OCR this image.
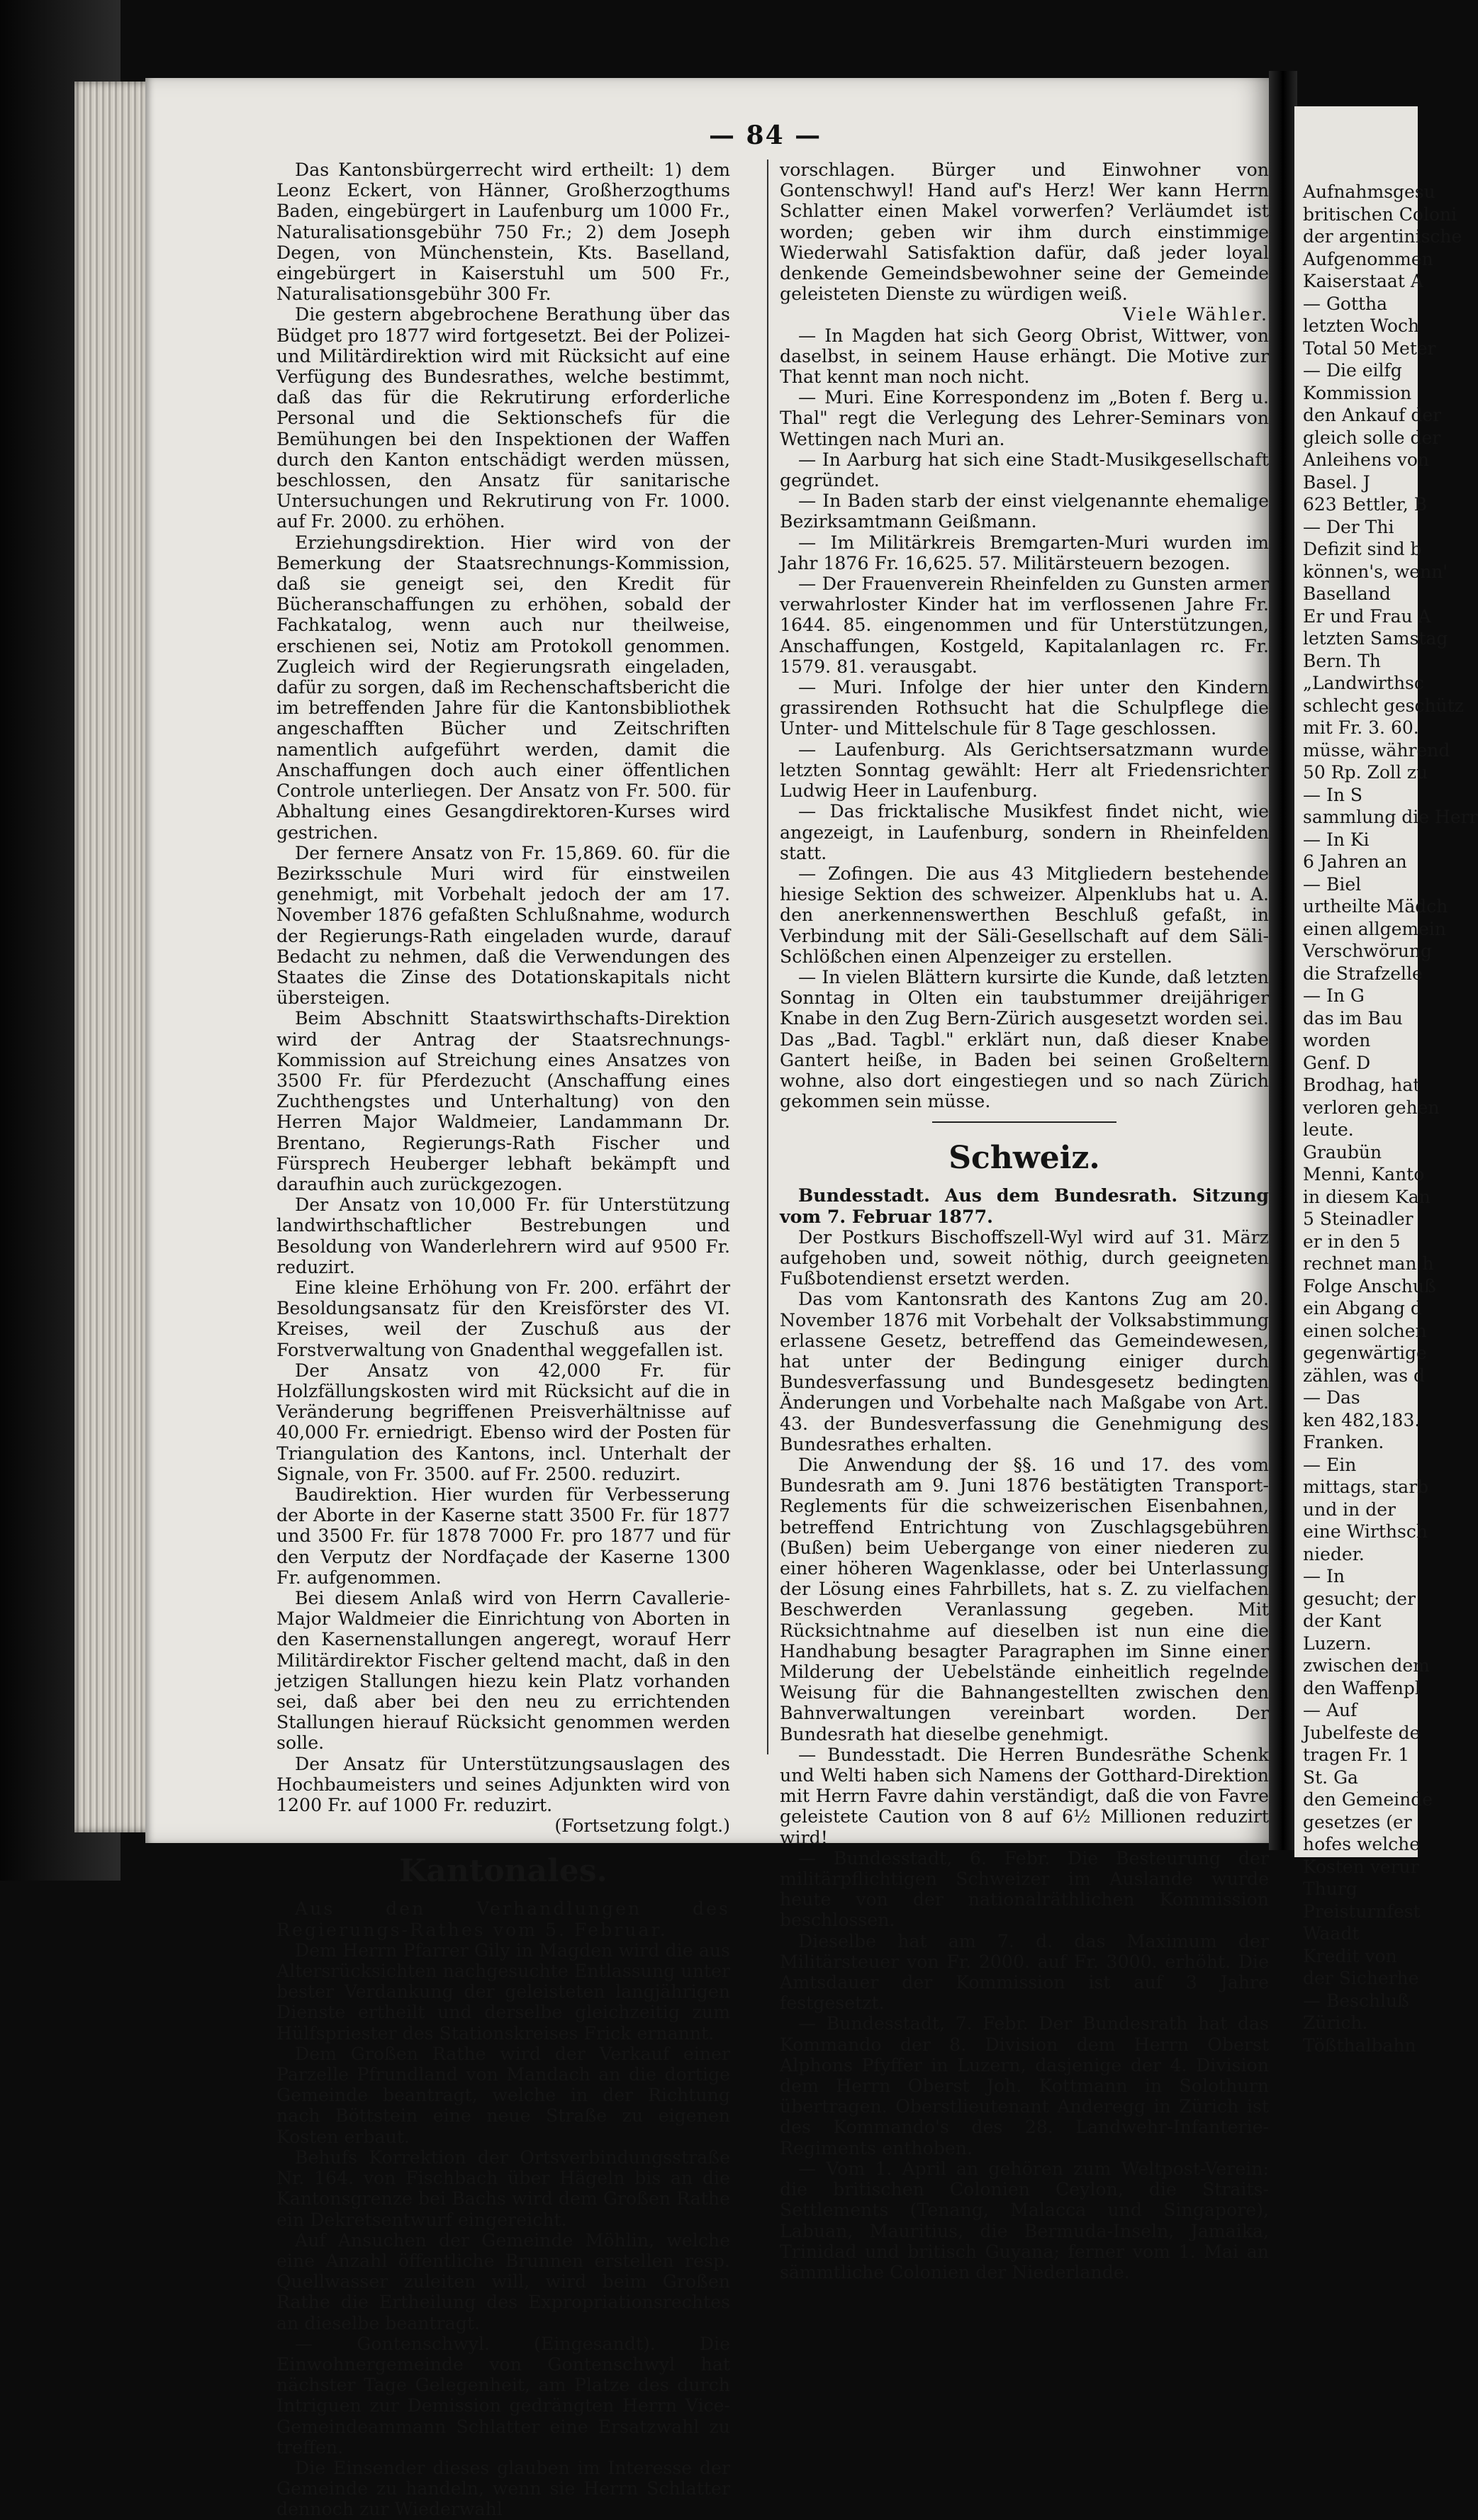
— 84 —

Das Kantonsbürgerrecht wird ertheilt: 1) dem Leonz Eckert, von Hänner, Großherzogthums Baden, eingebürgert in Laufenburg um 1000 Fr., Naturalisationsgebühr 750 Fr.; 2) dem Joseph Degen, von Münchenstein, Kts. Baselland, eingebürgert in Kaiserstuhl um 500 Fr., Naturalisationsgebühr 300 Fr.

Die gestern abgebrochene Berathung über das Büdget pro 1877 wird fortgesetzt. Bei der Polizei- und Militärdirektion wird mit Rücksicht auf eine Verfügung des Bundesrathes, welche bestimmt, daß das für die Rekrutirung erforderliche Personal und die Sektionschefs für die Bemühungen bei den Inspektionen der Waffen durch den Kanton entschädigt werden müssen, beschlossen, den Ansatz für sanitarische Untersuchungen und Rekrutirung von Fr. 1000. auf Fr. 2000. zu erhöhen.

Erziehungsdirektion. Hier wird von der Bemerkung der Staatsrechnungs-Kommission, daß sie geneigt sei, den Kredit für Bücheranschaffungen zu erhöhen, sobald der Fachkatalog, wenn auch nur theilweise, erschienen sei, Notiz am Protokoll genommen. Zugleich wird der Regierungsrath eingeladen, dafür zu sorgen, daß im Rechenschaftsbericht die im betreffenden Jahre für die Kantonsbibliothek angeschafften Bücher und Zeitschriften namentlich aufgeführt werden, damit die Anschaffungen doch auch einer öffentlichen Controle unterliegen. Der Ansatz von Fr. 500. für Abhaltung eines Gesangdirektoren-Kurses wird gestrichen.

Der fernere Ansatz von Fr. 15,869. 60. für die Bezirksschule Muri wird für einstweilen genehmigt, mit Vorbehalt jedoch der am 17. November 1876 gefaßten Schlußnahme, wodurch der Regierungs-Rath eingeladen wurde, darauf Bedacht zu nehmen, daß die Verwendungen des Staates die Zinse des Dotationskapitals nicht übersteigen.

Beim Abschnitt Staatswirthschafts-Direktion wird der Antrag der Staatsrechnungs-Kommission auf Streichung eines Ansatzes von 3500 Fr. für Pferdezucht (Anschaffung eines Zuchthengstes und Unterhaltung) von den Herren Major Waldmeier, Landammann Dr. Brentano, Regierungs-Rath Fischer und Fürsprech Heuberger lebhaft bekämpft und daraufhin auch zurückgezogen.

Der Ansatz von 10,000 Fr. für Unterstützung landwirthschaftlicher Bestrebungen und Besoldung von Wanderlehrern wird auf 9500 Fr. reduzirt.

Eine kleine Erhöhung von Fr. 200. erfährt der Besoldungsansatz für den Kreisförster des VI. Kreises, weil der Zuschuß aus der Forstverwaltung von Gnadenthal weggefallen ist.

Der Ansatz von 42,000 Fr. für Holzfällungskosten wird mit Rücksicht auf die in Veränderung begriffenen Preisverhältnisse auf 40,000 Fr. erniedrigt. Ebenso wird der Posten für Triangulation des Kantons, incl. Unterhalt der Signale, von Fr. 3500. auf Fr. 2500. reduzirt.

Baudirektion. Hier wurden für Verbesserung der Aborte in der Kaserne statt 3500 Fr. für 1877 und 3500 Fr. für 1878 7000 Fr. pro 1877 und für den Verputz der Nordfaçade der Kaserne 1300 Fr. aufgenommen.

Bei diesem Anlaß wird von Herrn Cavallerie-Major Waldmeier die Einrichtung von Aborten in den Kasernenstallungen angeregt, worauf Herr Militärdirektor Fischer geltend macht, daß in den jetzigen Stallungen hiezu kein Platz vorhanden sei, daß aber bei den neu zu errichtenden Stallungen hierauf Rücksicht genommen werden solle.

Der Ansatz für Unterstützungsauslagen des Hochbaumeisters und seines Adjunkten wird von 1200 Fr. auf 1000 Fr. reduzirt.

(Fortsetzung folgt.)

Kantonales.

Aus den Verhandlungen des Regierungs-Rathes vom 5. Februar.

Dem Herrn Pfarrer Gily in Magden wird die aus Altersrücksichten nachgesuchte Entlassung unter bester Verdankung der geleisteten langjährigen Dienste ertheilt und derselbe gleichzeitig zum Hülfspriester des Stationskreises Frick ernannt.

Dem Großen Rathe wird der Verkauf einer Parzelle Pfrundland von Mandach an die dortige Gemeinde beantragt, welche in der Richtung nach Böttstein eine neue Straße zu eigenen Kosten erbaut.

Behufs Korrektion der Ortsverbindungsstraße Nr. 164. von Fischbach über Hägeln bis an die Kantonsgrenze bei Bachs wird dem Großen Rathe ein Dekretsentwurf eingereicht.

Auf Ansuchen der Gemeinde Möhlin, welche eine Anzahl öffentliche Brunnen erstellen resp. Quellwasser zuleiten will, wird beim Großen Rathe die Ertheilung des Expropriationsrechtes an dieselbe beantragt.

— Gontenschwyl. (Eingesandt). Die Einwohnergemeinde von Gontenschwyl hat nächster Tage Gelegenheit, am Platze des durch Intriguen zur Demission gedrängten Herrn Vice-Gemeindeammann Schlatter eine Ersatzwahl zu treffen.

Die Einsender dieses glauben im Interesse der Gemeinde zu handeln, wenn sie Herrn Schlatter dennoch zur Wiederwahl

vorschlagen. Bürger und Einwohner von Gontenschwyl! Hand auf's Herz! Wer kann Herrn Schlatter einen Makel vorwerfen? Verläumdet ist worden; geben wir ihm durch einstimmige Wiederwahl Satisfaktion dafür, daß jeder loyal denkende Gemeindsbewohner seine der Gemeinde geleisteten Dienste zu würdigen weiß.

Viele Wähler.

— In Magden hat sich Georg Obrist, Wittwer, von daselbst, in seinem Hause erhängt. Die Motive zur That kennt man noch nicht.

— Muri. Eine Korrespondenz im „Boten f. Berg u. Thal" regt die Verlegung des Lehrer-Seminars von Wettingen nach Muri an.

— In Aarburg hat sich eine Stadt-Musikgesellschaft gegründet.

— In Baden starb der einst vielgenannte ehemalige Bezirksamtmann Geißmann.

— Im Militärkreis Bremgarten-Muri wurden im Jahr 1876 Fr. 16,625. 57. Militärsteuern bezogen.

— Der Frauenverein Rheinfelden zu Gunsten armer verwahrloster Kinder hat im verflossenen Jahre Fr. 1644. 85. eingenommen und für Unterstützungen, Anschaffungen, Kostgeld, Kapitalanlagen rc. Fr. 1579. 81. verausgabt.

— Muri. Infolge der hier unter den Kindern grassirenden Rothsucht hat die Schulpflege die Unter- und Mittelschule für 8 Tage geschlossen.

— Laufenburg. Als Gerichtsersatzmann wurde letzten Sonntag gewählt: Herr alt Friedensrichter Ludwig Heer in Laufenburg.

— Das fricktalische Musikfest findet nicht, wie angezeigt, in Laufenburg, sondern in Rheinfelden statt.

— Zofingen. Die aus 43 Mitgliedern bestehende hiesige Sektion des schweizer. Alpenklubs hat u. A. den anerkennenswerthen Beschluß gefaßt, in Verbindung mit der Säli-Gesellschaft auf dem Säli-Schlößchen einen Alpenzeiger zu erstellen.

— In vielen Blättern kursirte die Kunde, daß letzten Sonntag in Olten ein taubstummer dreijähriger Knabe in den Zug Bern-Zürich ausgesetzt worden sei. Das „Bad. Tagbl." erklärt nun, daß dieser Knabe Gantert heiße, in Baden bei seinen Großeltern wohne, also dort eingestiegen und so nach Zürich gekommen sein müsse.

Schweiz.

Bundesstadt. Aus dem Bundesrath. Sitzung vom 7. Februar 1877.

Der Postkurs Bischoffszell-Wyl wird auf 31. März aufgehoben und, soweit nöthig, durch geeigneten Fußbotendienst ersetzt werden.

Das vom Kantonsrath des Kantons Zug am 20. November 1876 mit Vorbehalt der Volksabstimmung erlassene Gesetz, betreffend das Gemeindewesen, hat unter der Bedingung einiger durch Bundesverfassung und Bundesgesetz bedingten Änderungen und Vorbehalte nach Maßgabe von Art. 43. der Bundesverfassung die Genehmigung des Bundesrathes erhalten.

Die Anwendung der §§. 16 und 17. des vom Bundesrath am 9. Juni 1876 bestätigten Transport-Reglements für die schweizerischen Eisenbahnen, betreffend Entrichtung von Zuschlagsgebühren (Bußen) beim Uebergange von einer niederen zu einer höheren Wagenklasse, oder bei Unterlassung der Lösung eines Fahrbillets, hat s. Z. zu vielfachen Beschwerden Veranlassung gegeben. Mit Rücksichtnahme auf dieselben ist nun eine die Handhabung besagter Paragraphen im Sinne einer Milderung der Uebelstände einheitlich regelnde Weisung für die Bahnangestellten zwischen den Bahnverwaltungen vereinbart worden. Der Bundesrath hat dieselbe genehmigt.

— Bundesstadt. Die Herren Bundesräthe Schenk und Welti haben sich Namens der Gotthard-Direktion mit Herrn Favre dahin verständigt, daß die von Favre geleistete Caution von 8 auf 6½ Millionen reduzirt wird!

— Bundesstadt, 6. Febr. Die Besteurung der militärpflichtigen Schweizer im Auslande wurde heute von der nationalräthlichen Kommission beschlossen.

Dieselbe hat am 7. d. das Maximum der Militärsteuer von Fr. 2000. auf Fr. 3000. erhöht. Die Amtsdauer der Kommission ist auf 3 Jahre festgesetzt.

— Bundesstadt, 7. Febr. Der Bundesrath hat das Kommando der 8. Division dem Herrn Oberst Alphons Pfyffer in Luzern, dasjenige der 4. Division dem Herrn Oberst Joh. Kottmann in Solothurn übertragen. Oberstlieutenant Anderegg in Zürich ist des Kommando's des 28. Landwehr-Infanterie-Regiments enthoben.

— Vom 1. April an gehören zum Weltpost-Verein: die britischen Colonien Ceylon, die Straits-Settlements (Tenang, Malacca und Singapore), Labuan, Mauritius, die Bermuda-Inseln, Jamaika, Trinidad und britisch Guyana; ferner vom 1. Mai an sämmtliche Colonien der Niederlande.

Aufnahmsgesu
britischen Coloni
der argentinische
Aufgenommen
Kaiserstaat A
— Gottha
letzten Woch
Total 50 Meter
— Die eilfg
Kommission
den Ankauf der
gleich solle der
Anleihens von
Basel. J
623 Bettler, B
— Der Thi
Defizit sind b
können's, wenn'
Baselland
Er und Frau A
letzten Samstag
Bern. Th
„Landwirthsc
schlecht geschütz
mit Fr. 3. 60.
müsse, während
50 Rp. Zoll zu
— In S
sammlung die Herr
— In Ki
6 Jahren an
— Biel
urtheilte Mädch
einen allgemein
Verschwörung
die Strafzelle
— In G
das im Bau
worden
Genf. D
Brodhag, hat
verloren gehen
leute.
Graubün
Menni, Kanto
in diesem Kan
5 Steinadler
er in den 5
rechnet man h
Folge Anschuß
ein Abgang d
einen solchen
gegenwärtige
zählen, was d
— Das
ken 482,183.
Franken.
— Ein
mittags, starb
und in der
eine Wirthsch
nieder.
— In
gesucht; der
der Kant
Luzern.
zwischen dem
den Waffenpl
— Auf
Jubelfeste de
tragen Fr. 1
St. Ga
den Gemeinde
gesetzes (er
hofes welche
Kosten verur
Thurg
Preisturnfest
Waadt
Kredit von
der Sicherhe
— Beschluß
Zürich.
Tößthalbahn
